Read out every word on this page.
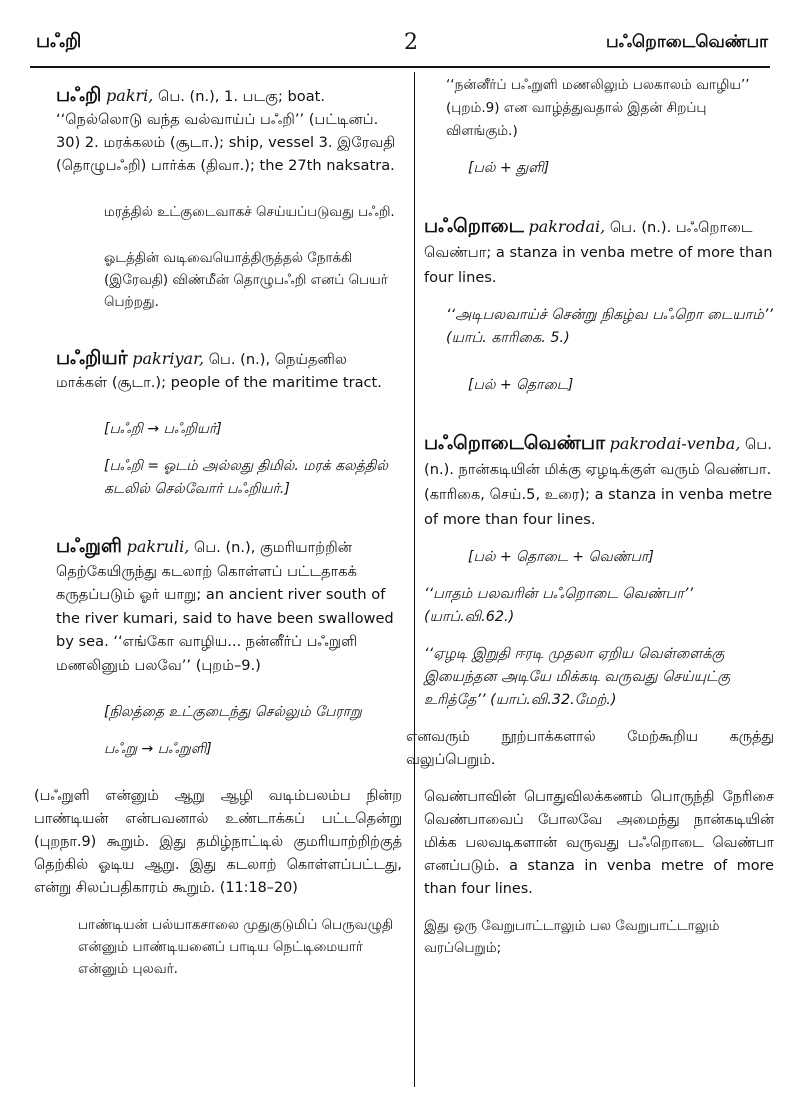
பஃறி	2	பஃறொடைவெண்பா
பஃறி pakri, பெ. (n.), 1. படகு; boat. ‘‘நெல்லொடு வந்த வல்வாய்ப் பஃறி’’ (பட்டினப். 30) 2. மரக்கலம் (சூடா.); ship, vessel 3. இரேவதி (தொழுபஃறி) பார்க்க (திவா.); the 27th naksatra.
மரத்தில் உட்குடைவாகச் செய்யப்படுவது பஃறி.
ஓடத்தின் வடிவையொத்திருத்தல் நோக்கி (இரேவதி) விண்மீன் தொழுபஃறி எனப் பெயர் பெற்றது.
பஃறியர் pakriyar, பெ. (n.), நெய்தனில மாக்கள் (சூடா.); people of the maritime tract.
[பஃறி → பஃறியர்]
[பஃறி = ஓடம் அல்லது திமில். மரக் கலத்தில் கடலில் செல்வோர் பஃறியர்.]
பஃறுளி pakruli, பெ. (n.), குமரியாற்றின் தெற்கேயிருந்து கடலாற் கொள்ளப் பட்டதாகக் கருதப்படும் ஓர் யாறு; an ancient river south of the river kumari, said to have been swallowed by sea. ‘‘எங்கோ வாழிய... நன்னீர்ப் பஃறுளி மணலினும் பலவே’’ (புறம்–9.)
[நிலத்தை உட்குடைந்து செல்லும் பேராறு
பஃறு → பஃறுளி]
(பஃறுளி என்னும் ஆறு ஆழி வடிம்பலம்ப நின்ற பாண்டியன் என்பவனால் உண்டாக்கப் பட்டதென்று (புறநா.9) கூறும். இது தமிழ்நாட்டில் குமரியாற்றிற்குத் தெற்கில் ஓடிய ஆறு. இது கடலாற் கொள்ளப்பட்டது, என்று சிலப்பதிகாரம் கூறும். (11:18–20)
பாண்டியன் பல்யாகசாலை முதுகுடுமிப் பெருவழுதி என்னும் பாண்டியனைப் பாடிய நெட்டிமையார் என்னும் புலவர்.
‘‘நன்னீர்ப் பஃறுளி மணலிலும் பலகாலம் வாழிய’’ (புறம்.9) என வாழ்த்துவதால் இதன் சிறப்பு விளங்கும்.)
[பல் + துளி]
பஃறொடை pakrodai, பெ. (n.). பஃறொடை வெண்பா; a stanza in venba metre of more than four lines.
‘‘அடிபலவாய்ச் சென்று நிகழ்வ பஃறொ டையாம்’’ (யாப். காரிகை. 5.)
[பல் + தொடை]
பஃறொடைவெண்பா pakrodai-venba, பெ. (n.). நான்கடியின் மிக்கு ஏழடிக்குள் வரும் வெண்பா. (காரிகை, செய்.5, உரை); a stanza in venba metre of more than four lines.
[பல் + தொடை + வெண்பா]
‘‘பாதம் பலவரின் பஃறொடை வெண்பா’’ (யாப்.வி.62.)
‘‘ஏழடி இறுதி ஈரடி முதலா ஏறிய வெள்ளைக்கு இயைந்தன அடியே மிக்கடி வருவது செய்யுட்கு உரித்தே’’ (யாப்.வி.32.மேற்.)
எனவரும் நூற்பாக்களால் மேற்கூறிய கருத்து வலுப்பெறும்.
வெண்பாவின் பொதுவிலக்கணம் பொருந்தி நேரிசை வெண்பாவைப் போலவே அமைந்து நான்கடியின் மிக்க பலவடிகளான் வருவது பஃறொடை வெண்பா எனப்படும். a stanza in venba metre of more than four lines.
இது ஒரு வேறுபாட்டாலும் பல வேறுபாட்டாலும் வரப்பெறும்;
